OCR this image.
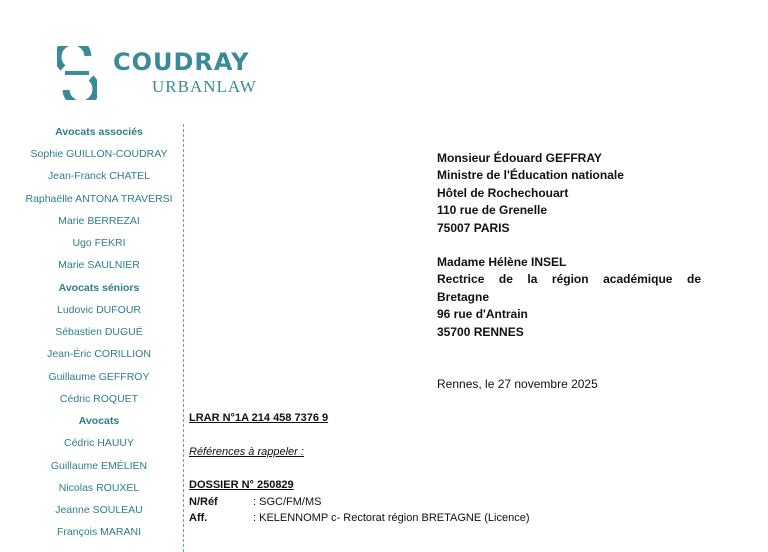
COUDRAY
URBANLAW
Avocats associés
Sophie GUILLON-COUDRAY
Jean-Franck CHATEL
Raphaëlle ANTONA TRAVERSI
Marie BERREZAI
Ugo FEKRI
Marie SAULNIER
Avocats séniors
Ludovic DUFOUR
Sébastien DUGUÉ
Jean-Éric CORILLION
Guillaume GEFFROY
Cédric ROQUET
Avocats
Cédric HAUUY
Guillaume EMÉLIEN
Nicolas ROUXEL
Jeanne SOULEAU
François MARANI
Monsieur Édouard GEFFRAY
Ministre de l'Éducation nationale
Hôtel de Rochechouart
110 rue de Grenelle
75007 PARIS
Madame Hélène INSEL
Rectrice de la région académique de
Bretagne
96 rue d'Antrain
35700 RENNES
Rennes, le 27 novembre 2025
LRAR N°1A 214 458 7376 9
Références à rappeler :
DOSSIER N° 250829
N/Réf	: SGC/FM/MS
Aff.	: KELENNOMP c- Rectorat région BRETAGNE (Licence)
